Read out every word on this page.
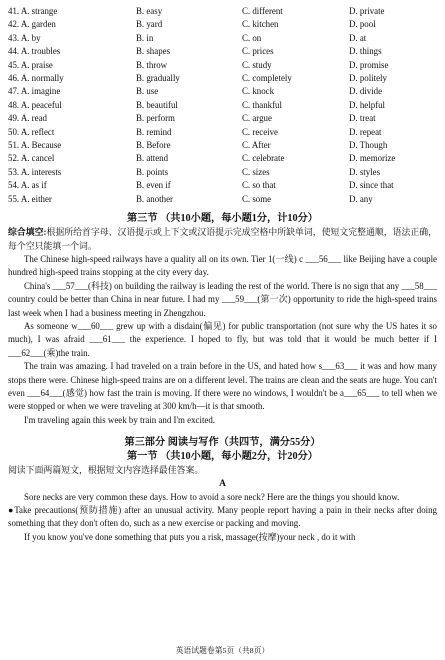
41. A. strange	B. easy	C. different	D. private
42. A. garden	B. yard	C. kitchen	D. pool
43. A. by	B. in	C. on	D. at
44. A. troubles	B. shapes	C. prices	D. things
45. A. praise	B. throw	C. study	D. promise
46. A. normally	B. gradually	C. completely	D. politely
47. A. imagine	B. use	C. knock	D. divide
48. A. peaceful	B. beautiful	C. thankful	D. helpful
49. A. read	B. perform	C. argue	D. treat
50. A. reflect	B. remind	C. receive	D. repeat
51. A. Because	B. Before	C. After	D. Though
52. A. cancel	B. attend	C. celebrate	D. memorize
53. A. interests	B. points	C. sizes	D. styles
54. A. as if	B. even if	C. so that	D. since that
55. A. either	B. another	C. some	D. any
第三节 （共10小题，每小题1分，计10分）

综合填空:根据所给首字母、汉语提示或上下文或汉语提示完成空格中所缺单词，使短文完整通顺，语法正确，每个空只能填一个词。

The Chinese high-speed railways have a quality all on its own. Tier 1(一线) c ___56___ like Beijing have a couple hundred high-speed trains stopping at the city every day.

China's ___57___(科技) on building the railway is leading the rest of the world. There is no sign that any ___58___ country could be better than China in near future. I had my ___59___(第一次) opportunity to ride the high-speed trains last week when I had a business meeting in Zhengzhou.

As someone w___60___ grew up with a disdain(偏见) for public transportation (not sure why the US hates it so much), I was afraid ___61___ the experience. I hoped to fly, but was told that it would be much better if I ___62___(乘)the train.

The train was amazing. I had traveled on a train before in the US, and hated how s___63___ it was and how many stops there were. Chinese high-speed trains are on a different level. The trains are clean and the seats are huge. You can't even ___64___(感觉) how fast the train is moving. If there were no windows, I wouldn't be a___65___ to tell when we were stopped or when we were traveling at 300 km/h—it is that smooth.

I'm traveling again this week by train and I'm excited.

第三部分 阅读与写作（共四节，满分55分）
第一节 （共10小题，每小题2分，计20分）

阅读下面两篇短文，根据短文内容选择最佳答案。

A

Sore necks are very common these days. How to avoid a sore neck? Here are the things you should know.

●Take precautions(预防措施) after an unusual activity. Many people report having a pain in their necks after doing something that they don't often do, such as a new exercise or packing and moving.

If you know you've done something that puts you a risk, massage(按摩)your neck , do it with

英语试题卷第5页（共8页）
